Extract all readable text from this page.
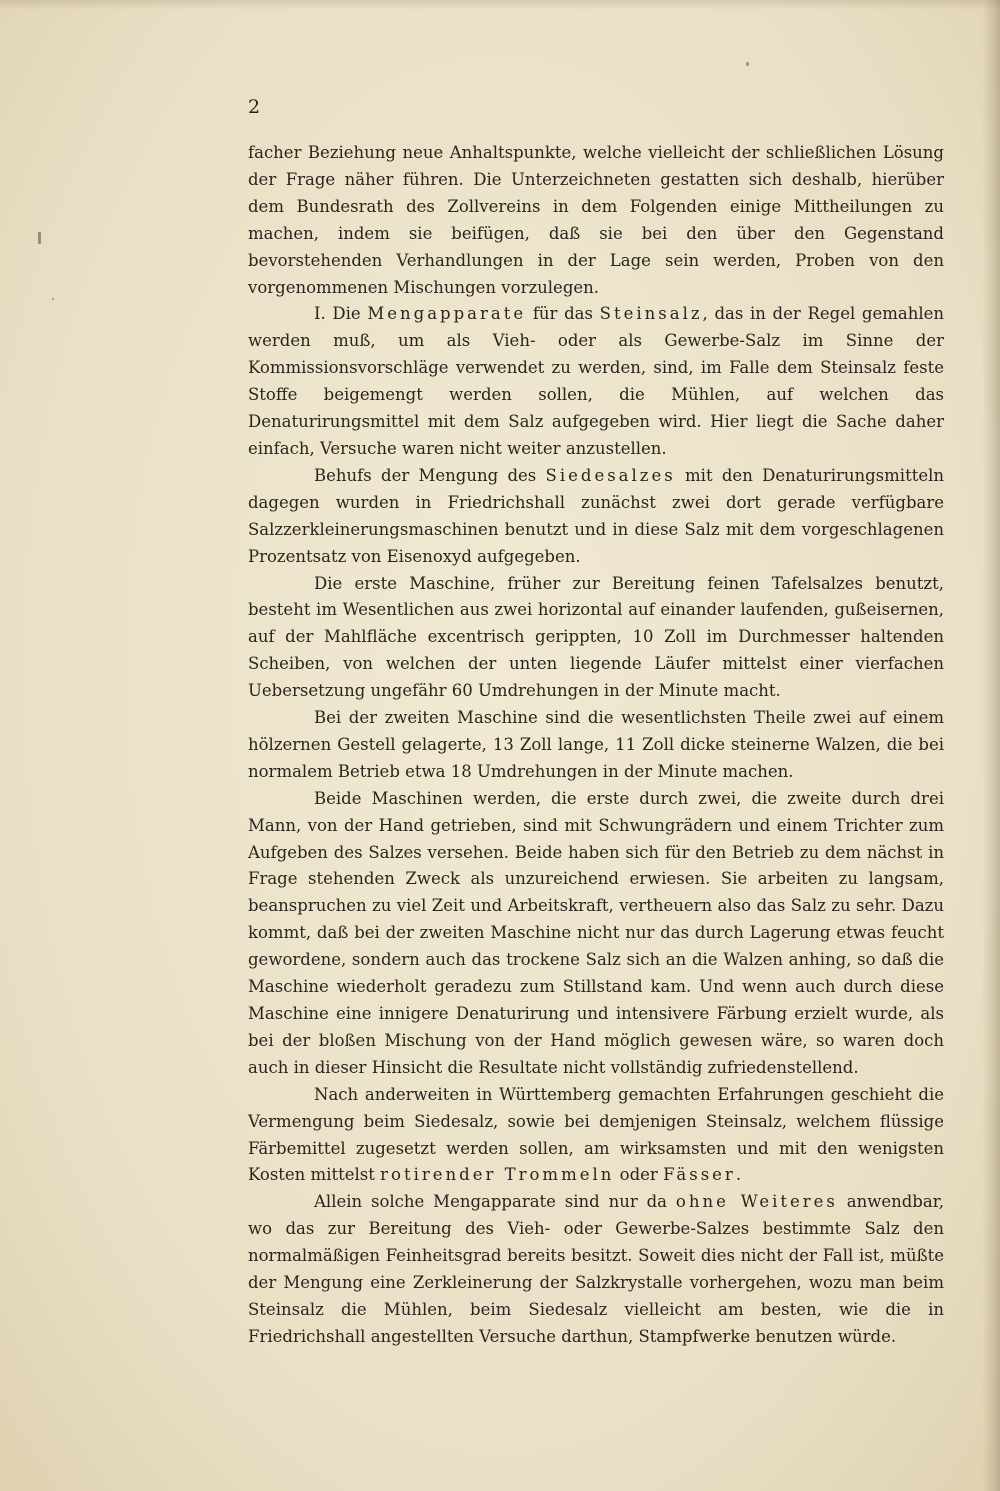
2

facher Beziehung neue Anhaltspunkte, welche vielleicht der schließlichen Lösung der Frage näher führen. Die Unterzeichneten gestatten sich deshalb, hierüber dem Bundesrath des Zollvereins in dem Folgenden einige Mittheilungen zu machen, indem sie beifügen, daß sie bei den über den Gegenstand bevorstehenden Verhandlungen in der Lage sein werden, Proben von den vorgenommenen Mischungen vorzulegen.

I. Die Mengapparate für das Steinsalz, das in der Regel gemahlen werden muß, um als Vieh- oder als Gewerbe-Salz im Sinne der Kommissionsvorschläge verwendet zu werden, sind, im Falle dem Steinsalz feste Stoffe beigemengt werden sollen, die Mühlen, auf welchen das Denaturirungsmittel mit dem Salz aufgegeben wird. Hier liegt die Sache daher einfach, Versuche waren nicht weiter anzustellen.

Behufs der Mengung des Siedesalzes mit den Denaturirungsmitteln dagegen wurden in Friedrichshall zunächst zwei dort gerade verfügbare Salzzerkleinerungsmaschinen benutzt und in diese Salz mit dem vorgeschlagenen Prozentsatz von Eisenoxyd aufgegeben.

Die erste Maschine, früher zur Bereitung feinen Tafelsalzes benutzt, besteht im Wesentlichen aus zwei horizontal auf einander laufenden, gußeisernen, auf der Mahlfläche excentrisch gerippten, 10 Zoll im Durchmesser haltenden Scheiben, von welchen der unten liegende Läufer mittelst einer vierfachen Uebersetzung ungefähr 60 Umdrehungen in der Minute macht.

Bei der zweiten Maschine sind die wesentlichsten Theile zwei auf einem hölzernen Gestell gelagerte, 13 Zoll lange, 11 Zoll dicke steinerne Walzen, die bei normalem Betrieb etwa 18 Umdrehungen in der Minute machen.

Beide Maschinen werden, die erste durch zwei, die zweite durch drei Mann, von der Hand getrieben, sind mit Schwungrädern und einem Trichter zum Aufgeben des Salzes versehen. Beide haben sich für den Betrieb zu dem nächst in Frage stehenden Zweck als unzureichend erwiesen. Sie arbeiten zu langsam, beanspruchen zu viel Zeit und Arbeitskraft, vertheuern also das Salz zu sehr. Dazu kommt, daß bei der zweiten Maschine nicht nur das durch Lagerung etwas feucht gewordene, sondern auch das trockene Salz sich an die Walzen anhing, so daß die Maschine wiederholt geradezu zum Stillstand kam. Und wenn auch durch diese Maschine eine innigere Denaturirung und intensivere Färbung erzielt wurde, als bei der bloßen Mischung von der Hand möglich gewesen wäre, so waren doch auch in dieser Hinsicht die Resultate nicht vollständig zufriedenstellend.

Nach anderweiten in Württemberg gemachten Erfahrungen geschieht die Vermengung beim Siedesalz, sowie bei demjenigen Steinsalz, welchem flüssige Färbemittel zugesetzt werden sollen, am wirksamsten und mit den wenigsten Kosten mittelst rotirender Trommeln oder Fässer.

Allein solche Mengapparate sind nur da ohne Weiteres anwendbar, wo das zur Bereitung des Vieh- oder Gewerbe-Salzes bestimmte Salz den normalmäßigen Feinheitsgrad bereits besitzt. Soweit dies nicht der Fall ist, müßte der Mengung eine Zerkleinerung der Salzkrystalle vorhergehen, wozu man beim Steinsalz die Mühlen, beim Siedesalz vielleicht am besten, wie die in Friedrichshall angestellten Versuche darthun, Stampfwerke benutzen würde.
